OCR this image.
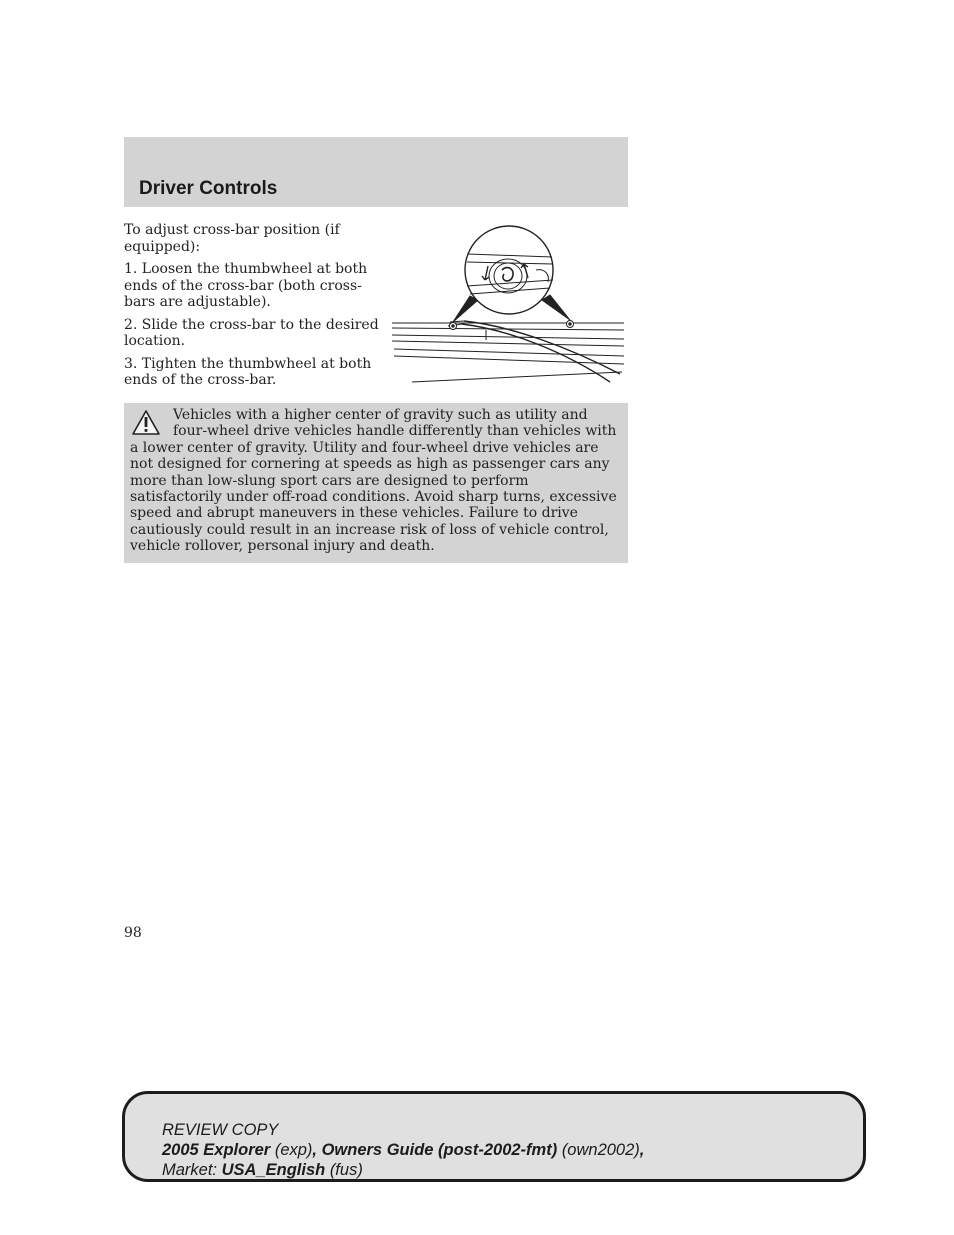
Driver Controls

To adjust cross-bar position (if equipped):

1. Loosen the thumbwheel at both ends of the cross-bar (both cross-bars are adjustable).

2. Slide the cross-bar to the desired location.

3. Tighten the thumbwheel at both ends of the cross-bar.

Vehicles with a higher center of gravity such as utility and four-wheel drive vehicles handle differently than vehicles with a lower center of gravity. Utility and four-wheel drive vehicles are not designed for cornering at speeds as high as passenger cars any more than low-slung sport cars are designed to perform satisfactorily under off-road conditions. Avoid sharp turns, excessive speed and abrupt maneuvers in these vehicles. Failure to drive cautiously could result in an increase risk of loss of vehicle control, vehicle rollover, personal injury and death.

98
REVIEW COPY
2005 Explorer (exp), Owners Guide (post-2002-fmt) (own2002),
Market: USA_English (fus)
